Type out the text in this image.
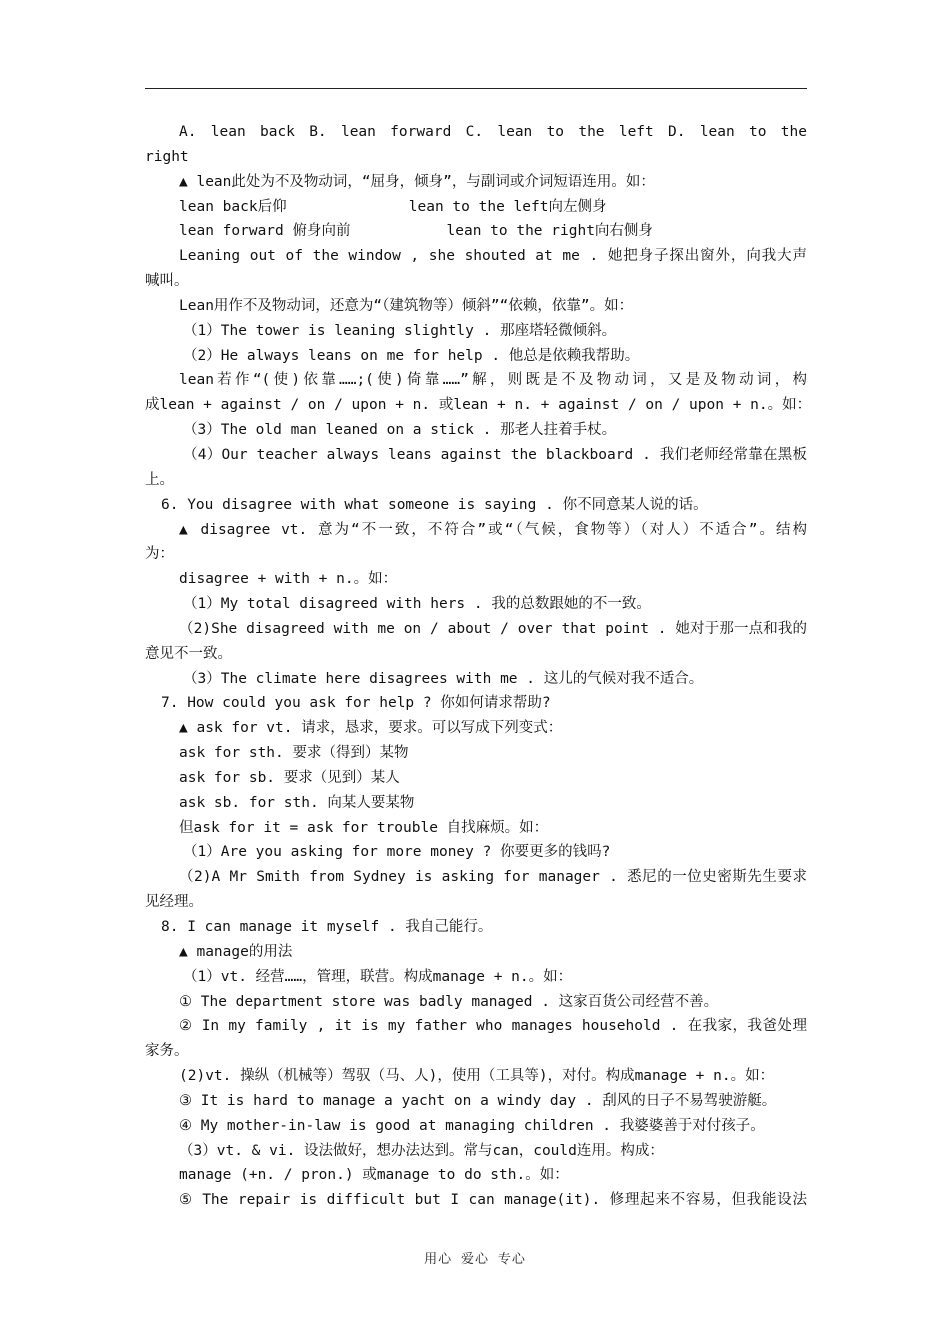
A. lean back B. lean forward C. lean to the left D. lean to the
right
▲ lean此处为不及物动词，“屈身，倾身”，与副词或介词短语连用。如：
lean back后仰              lean to the left向左侧身
lean forward 俯身向前           lean to the right向右侧身
Leaning out of the window , she shouted at me . 她把身子探出窗外，向我大声
喊叫。
Lean用作不及物动词，还意为“（建筑物等）倾斜”“依赖，依靠”。如：
（1）The tower is leaning slightly . 那座塔轻微倾斜。
（2）He always leans on me for help . 他总是依赖我帮助。
lean若作“(使)依靠……;(使)倚靠……”解，则既是不及物动词，又是及物动词，构
成lean + against / on / upon + n. 或lean + n. + against / on / upon + n.。如：
（3）The old man leaned on a stick . 那老人拄着手杖。
（4）Our teacher always leans against the blackboard . 我们老师经常靠在黑板
上。
6. You disagree with what someone is saying . 你不同意某人说的话。
▲ disagree vt. 意为“不一致，不符合”或“（气候，食物等）（对人）不适合”。结构
为：
disagree + with + n.。如：
（1）My total disagreed with hers . 我的总数跟她的不一致。
（2)She disagreed with me on / about / over that point . 她对于那一点和我的
意见不一致。
（3）The climate here disagrees with me . 这儿的气候对我不适合。
7. How could you ask for help ? 你如何请求帮助?
▲ ask for vt. 请求，恳求，要求。可以写成下列变式：
ask for sth. 要求（得到）某物
ask for sb. 要求（见到）某人
ask sb. for sth. 向某人要某物
但ask for it = ask for trouble 自找麻烦。如：
（1）Are you asking for more money ? 你要更多的钱吗?
（2)A Mr Smith from Sydney is asking for manager . 悉尼的一位史密斯先生要求
见经理。
8. I can manage it myself . 我自己能行。
▲ manage的用法
（1）vt. 经营……，管理，联营。构成manage + n.。如：
① The department store was badly managed . 这家百货公司经营不善。
② In my family , it is my father who manages household . 在我家，我爸处理
家务。
(2)vt. 操纵（机械等）驾驭（马、人)，使用（工具等)，对付。构成manage + n.。如：
③ It is hard to manage a yacht on a windy day . 刮风的日子不易驾驶游艇。
④ My mother-in-law is good at managing children . 我婆婆善于对付孩子。
（3）vt. & vi. 设法做好，想办法达到。常与can，could连用。构成：
manage (+n. / pron.) 或manage to do sth.。如：
⑤ The repair is difficult but I can manage(it). 修理起来不容易，但我能设法
用心 爱心 专心
